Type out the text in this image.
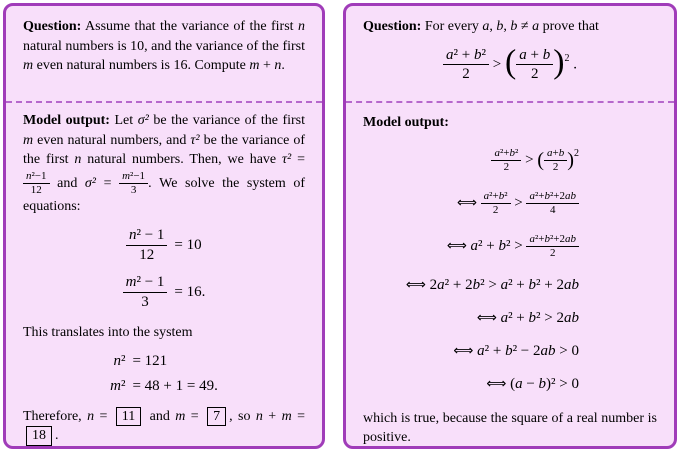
Question: Assume that the variance of the first n natural numbers is 10, and the variance of the first m even natural numbers is 16. Compute m + n.

Model output: Let σ² be the variance of the first m even natural numbers, and τ² be the variance of the first n natural numbers. Then, we have τ² =
$\frac{\text{n²−1}}{12}$ and $\sigma^2 = \frac{\text{m²−1}}{3}$ . We solve the system of equations:

$\frac{\text{n² − 1}}{12} = 10$
$\frac{\text{m² − 1}}{3} = 16$.

This translates into the system

n² = 121
m² = 48 + 1 = 49.

Therefore, n = 11 and m = 7 , so n + m = 18 .

Question: For every a, b, b ≠ a prove that

$\frac{\text{a² + b²}}{2}$ > ( $\frac{a + b}{2} )^2$ .

Model output:

$\frac{\text{a²+b²}}{2}$ > ( $\frac{a+b}{2} )^2$
⟺ $\frac{\text{a²+b²}}{2} > \frac{\text{a²+b²+2ab}}{4}$
⟺ $a^2 + b^2 > \frac{\text{a²+b²+2ab}}{2}$
⟺ 2a² + 2b² > a² + b² + 2ab
⟺ a² + b² > 2ab
⟺ a² + b² − 2ab > 0
⟺ (a − b)² > 0

which is true, because the square of a real number is positive.
